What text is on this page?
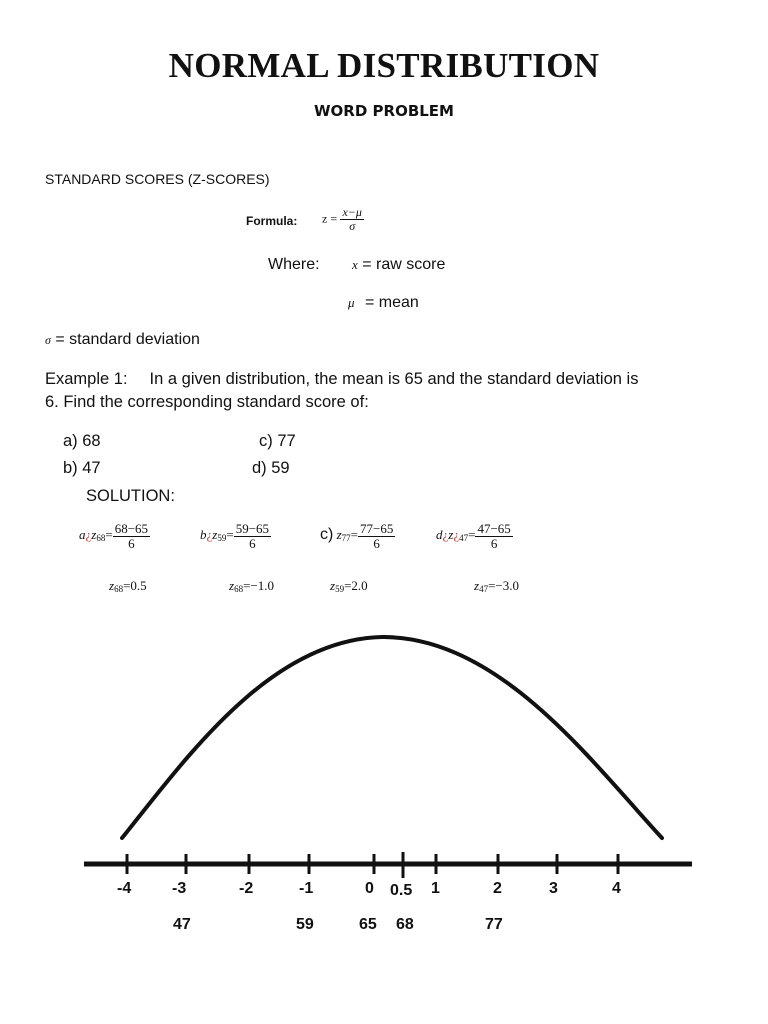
NORMAL DISTRIBUTION
WORD PROBLEM
STANDARD SCORES (Z-SCORES)
Formula: $z = \frac{x-\mu}{\sigma}$
Where: x = raw score
μ = mean
σ = standard deviation
Example 1: In a given distribution, the mean is 65 and the standard deviation is
6. Find the corresponding standard score of:
a) 68	c) 77
b) 47	d) 59
SOLUTION:
$a¿z_{68}= \frac{68-65}{6}$	$b¿z_{59}= \frac{59-65}{6}$	c) $z_{77}= \frac{77-65}{6}$	$d¿z¿_{47}= \frac{47-65}{6}$
$z_{68}=0.5$	$z_{68}=-1.0$	$z_{59}=2.0$	$z_{47}=-3.0$
-4	-3	-2	-1	0 0.5 1	2	3	4
47	59	65 68	77
